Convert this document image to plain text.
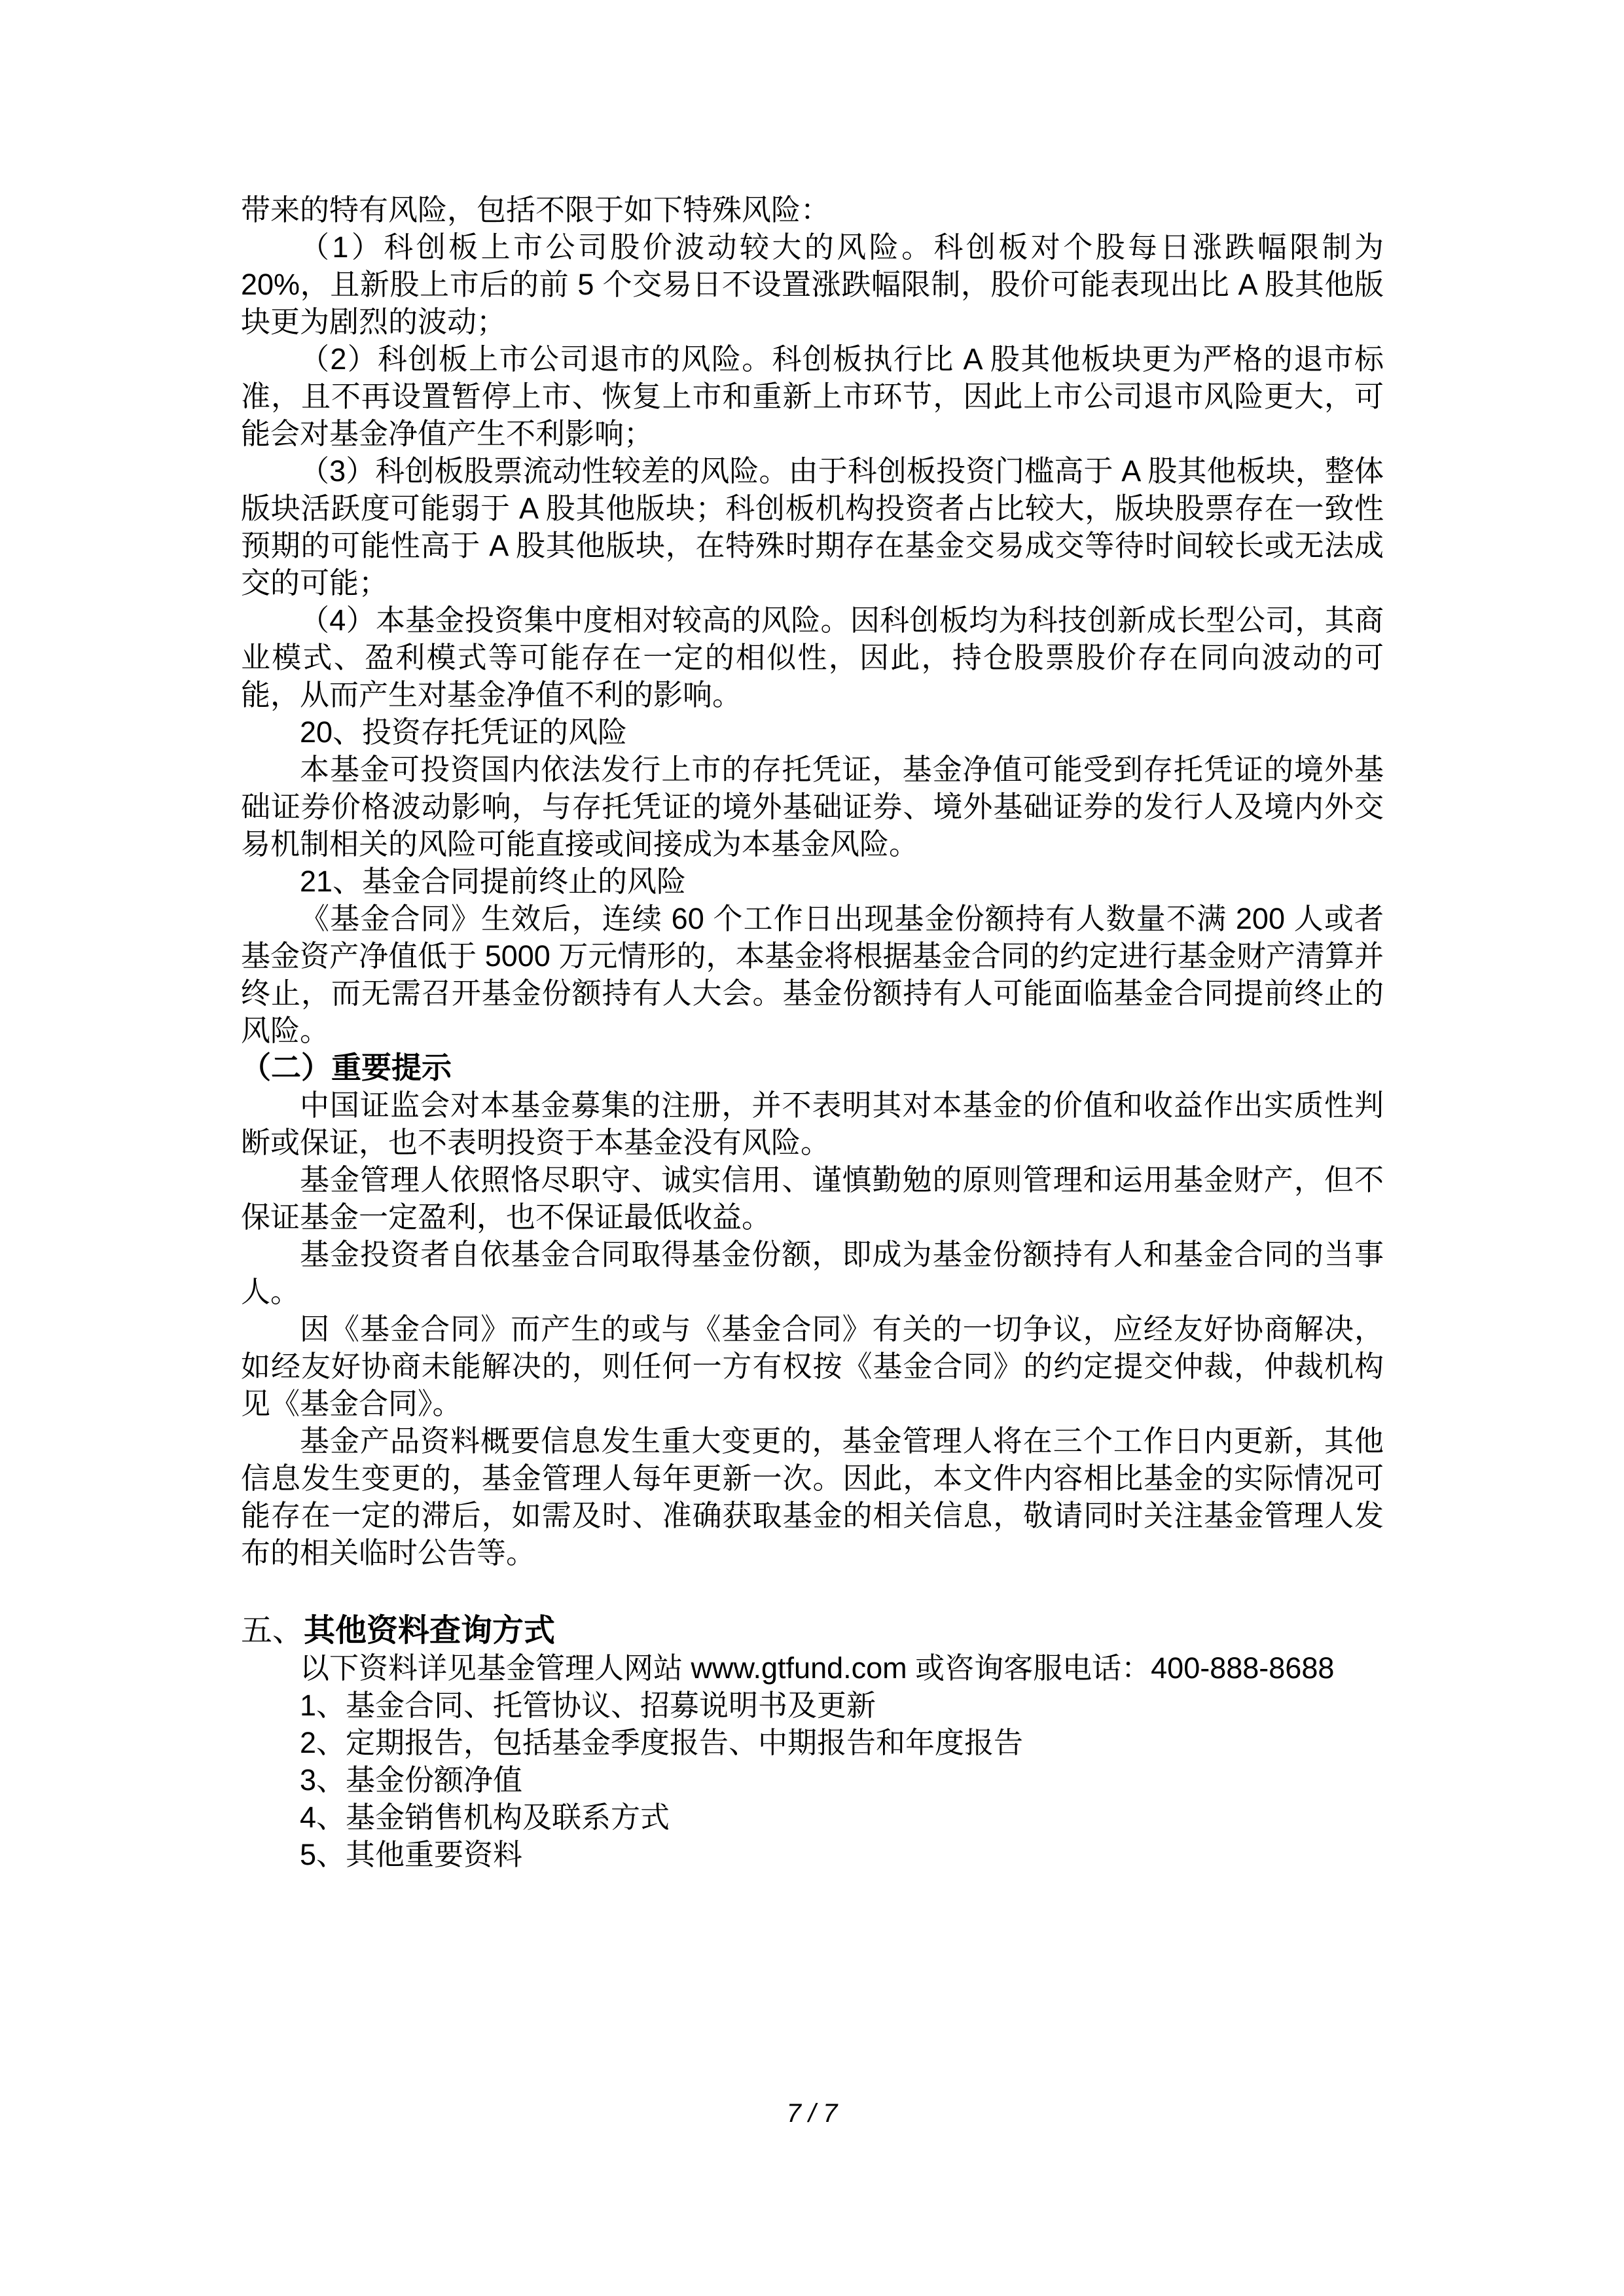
带来的特有风险，包括不限于如下特殊风险：

（1）科创板上市公司股价波动较大的风险。科创板对个股每日涨跌幅限制为 20%，且新股上市后的前 5 个交易日不设置涨跌幅限制，股价可能表现出比 A 股其他版块更为剧烈的波动；

（2）科创板上市公司退市的风险。科创板执行比 A 股其他板块更为严格的退市标准，且不再设置暂停上市、恢复上市和重新上市环节，因此上市公司退市风险更大，可能会对基金净值产生不利影响；

（3）科创板股票流动性较差的风险。由于科创板投资门槛高于 A 股其他板块，整体版块活跃度可能弱于 A 股其他版块；科创板机构投资者占比较大，版块股票存在一致性预期的可能性高于 A 股其他版块，在特殊时期存在基金交易成交等待时间较长或无法成交的可能；

（4）本基金投资集中度相对较高的风险。因科创板均为科技创新成长型公司，其商业模式、盈利模式等可能存在一定的相似性，因此，持仓股票股价存在同向波动的可能，从而产生对基金净值不利的影响。

20、投资存托凭证的风险

本基金可投资国内依法发行上市的存托凭证，基金净值可能受到存托凭证的境外基础证券价格波动影响，与存托凭证的境外基础证券、境外基础证券的发行人及境内外交易机制相关的风险可能直接或间接成为本基金风险。

21、基金合同提前终止的风险

《基金合同》生效后，连续 60 个工作日出现基金份额持有人数量不满 200 人或者基金资产净值低于 5000 万元情形的，本基金将根据基金合同的约定进行基金财产清算并终止，而无需召开基金份额持有人大会。基金份额持有人可能面临基金合同提前终止的风险。

（二）重要提示

中国证监会对本基金募集的注册，并不表明其对本基金的价值和收益作出实质性判断或保证，也不表明投资于本基金没有风险。

基金管理人依照恪尽职守、诚实信用、谨慎勤勉的原则管理和运用基金财产，但不保证基金一定盈利，也不保证最低收益。

基金投资者自依基金合同取得基金份额，即成为基金份额持有人和基金合同的当事人。

因《基金合同》而产生的或与《基金合同》有关的一切争议，应经友好协商解决，如经友好协商未能解决的，则任何一方有权按《基金合同》的约定提交仲裁，仲裁机构见《基金合同》。

基金产品资料概要信息发生重大变更的，基金管理人将在三个工作日内更新，其他信息发生变更的，基金管理人每年更新一次。因此，本文件内容相比基金的实际情况可能存在一定的滞后，如需及时、准确获取基金的相关信息，敬请同时关注基金管理人发布的相关临时公告等。

五、其他资料查询方式

以下资料详见基金管理人网站 www.gtfund.com 或咨询客服电话：400-888-8688

1、基金合同、托管协议、招募说明书及更新

2、定期报告，包括基金季度报告、中期报告和年度报告

3、基金份额净值

4、基金销售机构及联系方式

5、其他重要资料

7 / 7
